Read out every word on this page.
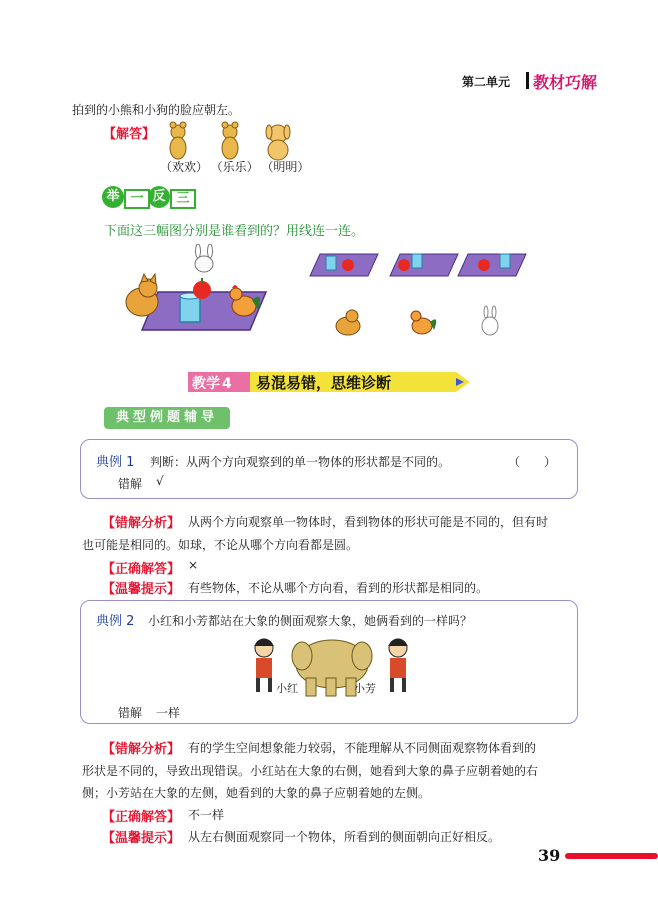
第二单元 教材巧解
拍到的小熊和小狗的脸应朝左。
【解答】
（欢欢） （乐乐） （明明）
举 一 反 三
下面这三幅图分别是谁看到的？用线连一连。
教学 4 易混易错，思维诊断
典型例题辅导
典例 1 判断：从两个方向观察到的单一物体的形状都是不同的。	（　　）
错解 √
【错解分析】 从两个方向观察单一物体时，看到物体的形状可能是不同的，但有时
也可能是相同的。如球，不论从哪个方向看都是圆。
【正确解答】 ×
【温馨提示】 有些物体，不论从哪个方向看，看到的形状都是相同的。
典例 2 小红和小芳都站在大象的侧面观察大象，她俩看到的一样吗？
小红	小芳
错解 一样
【错解分析】 有的学生空间想象能力较弱，不能理解从不同侧面观察物体看到的
形状是不同的，导致出现错误。小红站在大象的右侧，她看到大象的鼻子应朝着她的右
侧；小芳站在大象的左侧，她看到的大象的鼻子应朝着她的左侧。
【正确解答】 不一样
【温馨提示】 从左右侧面观察同一个物体，所看到的侧面朝向正好相反。
39
